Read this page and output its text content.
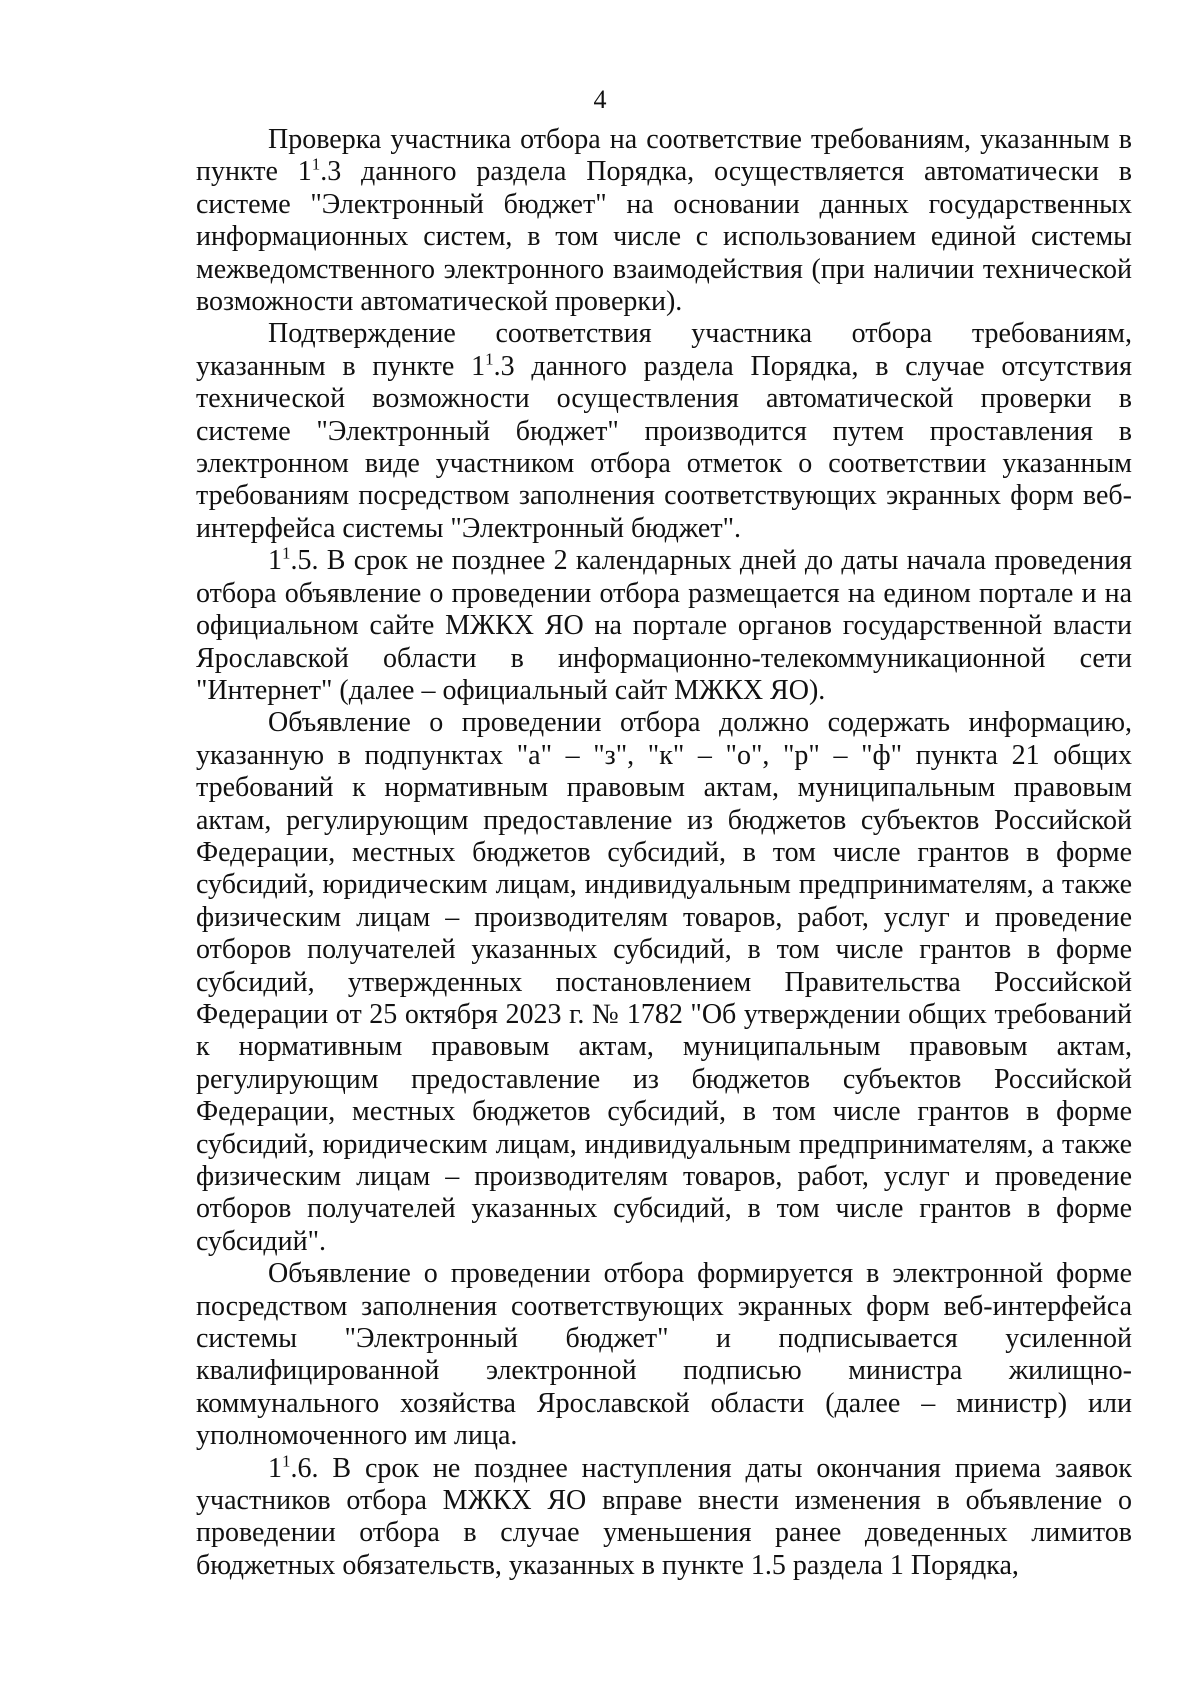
4

Проверка участника отбора на соответствие требованиям, указанным в пункте $1^1.3$ данного раздела Порядка, осуществляется автоматически в системе "Электронный бюджет" на основании данных государственных информационных систем, в том числе с использованием единой системы межведомственного электронного взаимодействия (при наличии технической возможности автоматической проверки).

Подтверждение соответствия участника отбора требованиям, указанным в пункте $1^1.3$ данного раздела Порядка, в случае отсутствия технической возможности осуществления автоматической проверки в системе "Электронный бюджет" производится путем проставления в электронном виде участником отбора отметок о соответствии указанным требованиям посредством заполнения соответствующих экранных форм веб-интерфейса системы "Электронный бюджет".

$1^1.5$. В срок не позднее 2 календарных дней до даты начала проведения отбора объявление о проведении отбора размещается на едином портале и на официальном сайте МЖКХ ЯО на портале органов государственной власти Ярославской области в информационно-телекоммуникационной сети "Интернет" (далее – официальный сайт МЖКХ ЯО).

Объявление о проведении отбора должно содержать информацию, указанную в подпунктах "а" – "з", "к" – "о", "р" – "ф" пункта 21 общих требований к нормативным правовым актам, муниципальным правовым актам, регулирующим предоставление из бюджетов субъектов Российской Федерации, местных бюджетов субсидий, в том числе грантов в форме субсидий, юридическим лицам, индивидуальным предпринимателям, а также физическим лицам – производителям товаров, работ, услуг и проведение отборов получателей указанных субсидий, в том числе грантов в форме субсидий, утвержденных постановлением Правительства Российской Федерации от 25 октября 2023 г. № 1782 "Об утверждении общих требований к нормативным правовым актам, муниципальным правовым актам, регулирующим предоставление из бюджетов субъектов Российской Федерации, местных бюджетов субсидий, в том числе грантов в форме субсидий, юридическим лицам, индивидуальным предпринимателям, а также физическим лицам – производителям товаров, работ, услуг и проведение отборов получателей указанных субсидий, в том числе грантов в форме субсидий".

Объявление о проведении отбора формируется в электронной форме посредством заполнения соответствующих экранных форм веб-интерфейса системы "Электронный бюджет" и подписывается усиленной квалифицированной электронной подписью министра жилищно-коммунального хозяйства Ярославской области (далее – министр) или уполномоченного им лица.

$1^1.6$. В срок не позднее наступления даты окончания приема заявок участников отбора МЖКХ ЯО вправе внести изменения в объявление о проведении отбора в случае уменьшения ранее доведенных лимитов бюджетных обязательств, указанных в пункте 1.5 раздела 1 Порядка,
